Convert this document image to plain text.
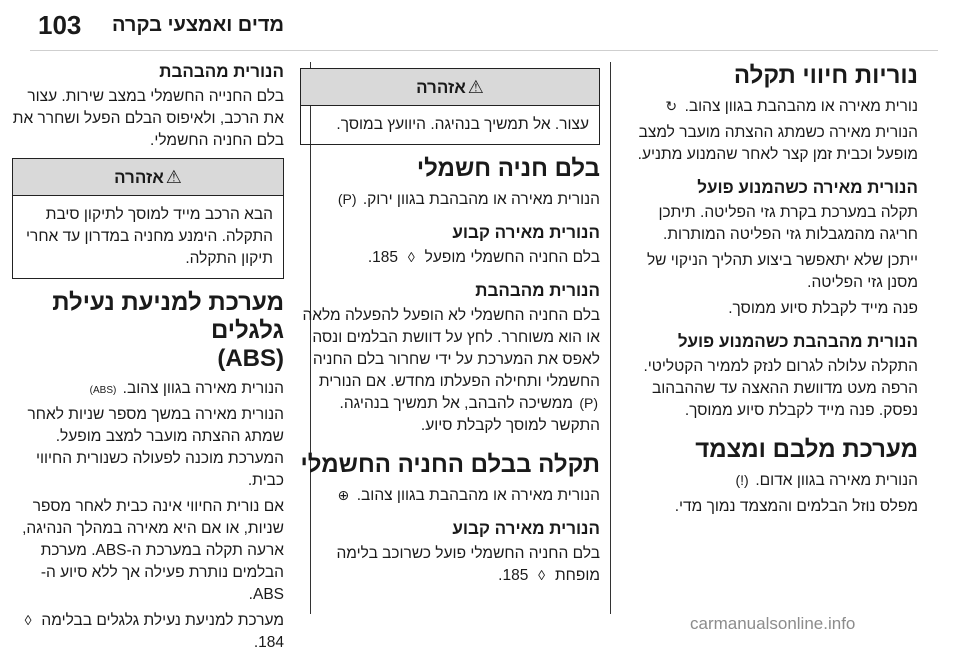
103 מדים ואמצעי בקרה
נוריות חיווי תקלה

נורית מאירה או מהבהבת בגוון צהוב. ↻

הנורית מאירה כשמתג ההצתה מועבר למצב מופעל וכבית זמן קצר לאחר שהמנוע מתניע.

הנורית מאירה כשהמנוע פועל

תקלה במערכת בקרת גזי הפליטה. תיתכן חריגה מהמגבלות גזי הפליטה המותרות.

ייתכן שלא יתאפשר ביצוע תהליך הניקוי של מסנן גזי הפליטה.

פנה מייד לקבלת סיוע ממוסך.

הנורית מהבהבת כשהמנוע פועל

התקלה עלולה לגרום לנזק לממיר הקטליטי. הרפה מעט מדוושת ההאצה עד שההבהוב נפסק. פנה מייד לקבלת סיוע ממוסך.

מערכת מלבם ומצמד

הנורית מאירה בגוון אדום. (!)

מפלס נוזל הבלמים והמצמד נמוך מדי.

⚠אזהרה
עצור. אל תמשיך בנהיגה. היוועץ במוסך.
בלם חניה חשמלי

הנורית מאירה או מהבהבת בגוון ירוק. (P)

הנורית מאירה קבוע

בלם החניה החשמלי מופעל ◊ 185.

הנורית מהבהבת

בלם החניה החשמלי לא הופעל להפעלה מלאה או הוא משוחרר. לחץ על דוושת הבלמים ונסה לאפס את המערכת על ידי שחרור בלם החניה החשמלי ותחילה הפעלתו מחדש. אם הנורית (P) ממשיכה להבהב, אל תמשיך בנהיגה. התקשר למוסך לקבלת סיוע.

תקלה בבלם החניה החשמלי

הנורית מאירה או מהבהבת בגוון צהוב. ⊕

הנורית מאירה קבוע

בלם החניה החשמלי פועל כשרוכב בלימה מופחת ◊ 185.

הנורית מהבהבת

בלם החנייה החשמלי במצב שירות. עצור את הרכב, ולאיפוס הבלם הפעל ושחרר את בלם החניה החשמלי.

⚠אזהרה
הבא הרכב מייד למוסך לתיקון סיבת התקלה. הימנע מחניה במדרון עד אחרי תיקון התקלה.
מערכת למניעת נעילת גלגלים
(ABS)

הנורית מאירה בגוון צהוב. (ABS)

הנורית מאירה במשך מספר שניות לאחר שמתג ההצתה מועבר למצב מופעל. המערכת מוכנה לפעולה כשנורית החיווי כבית.

אם נורית החיווי אינה כבית לאחר מספר שניות, או אם היא מאירה במהלך הנהיגה, ארעה תקלה במערכת ה-ABS. מערכת הבלמים נותרת פעילה אך ללא סיוע ה-ABS.

מערכת למניעת נעילת גלגלים בבלימה ◊ 184.

carmanualsonline.info
